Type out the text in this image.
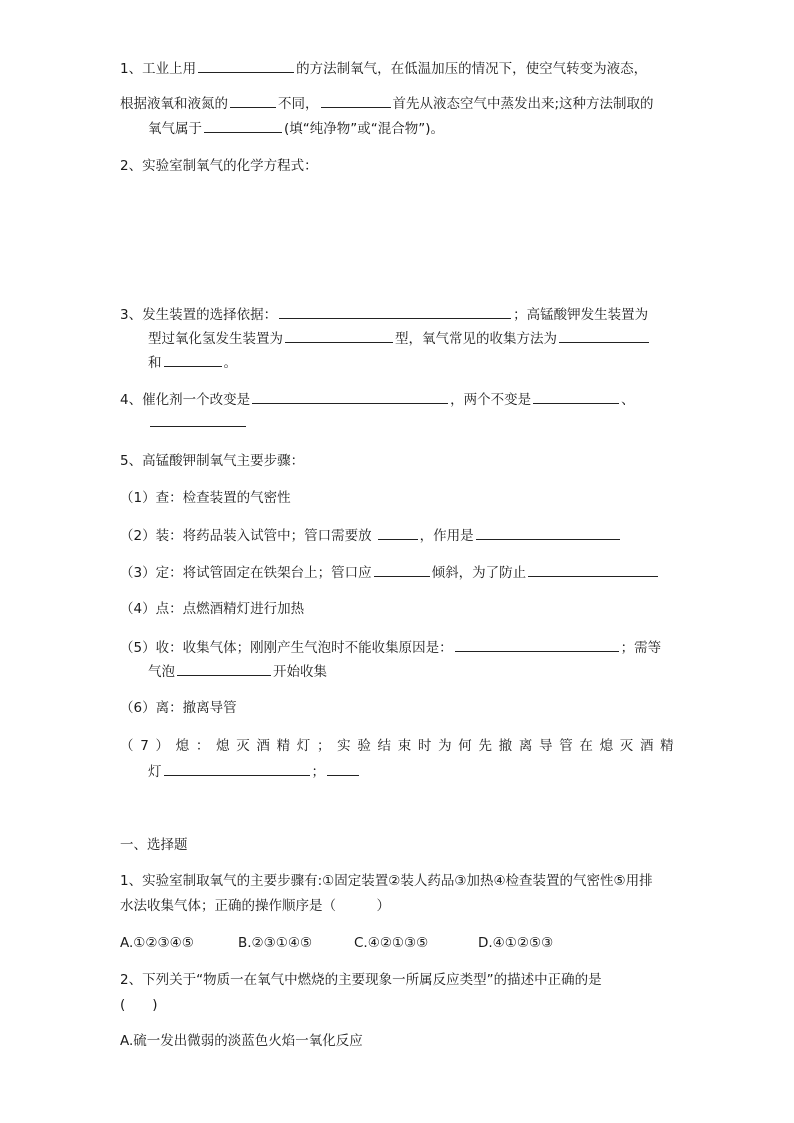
1、工业上用	的方法制氧气，在低温加压的情况下，使空气转变为液态，
根据液氧和液氮的	不同，	首先从液态空气中蒸发出来;这种方法制取的
氧气属于	(填“纯净物”或“混合物”)。
2、实验室制氧气的化学方程式：
3、发生装置的选择依据：	；高锰酸钾发生装置为
型过氧化氢发生装置为	型，氧气常见的收集方法为
和	。
4、催化剂一个改变是	，两个不变是	、
5、高锰酸钾制氧气主要步骤：
（1）查：检查装置的气密性
（2）装：将药品装入试管中；管口需要放	，作用是
（3）定：将试管固定在铁架台上；管口应	倾斜，为了防止
（4）点：点燃酒精灯进行加热
（5）收：收集气体；刚刚产生气泡时不能收集原因是：	；需等
气泡	开始收集
（6）离：撤离导管
（ 7 ） 熄 ： 熄 灭 酒 精 灯 ； 实 验 结 束 时 为 何 先 撤 离 导 管 在 熄 灭 酒 精
灯	；
一、选择题
1、实验室制取氧气的主要步骤有:①固定装置②装人药品③加热④检查装置的气密性⑤用排
水法收集气体；正确的操作顺序是（　　　）
A.①②③④⑤	B.②③①④⑤	C.④②①③⑤	D.④①②⑤③
2、下列关于“物质一在氧气中燃烧的主要现象一所属反应类型”的描述中正确的是
(　　)
A.硫一发出微弱的淡蓝色火焰一氧化反应
